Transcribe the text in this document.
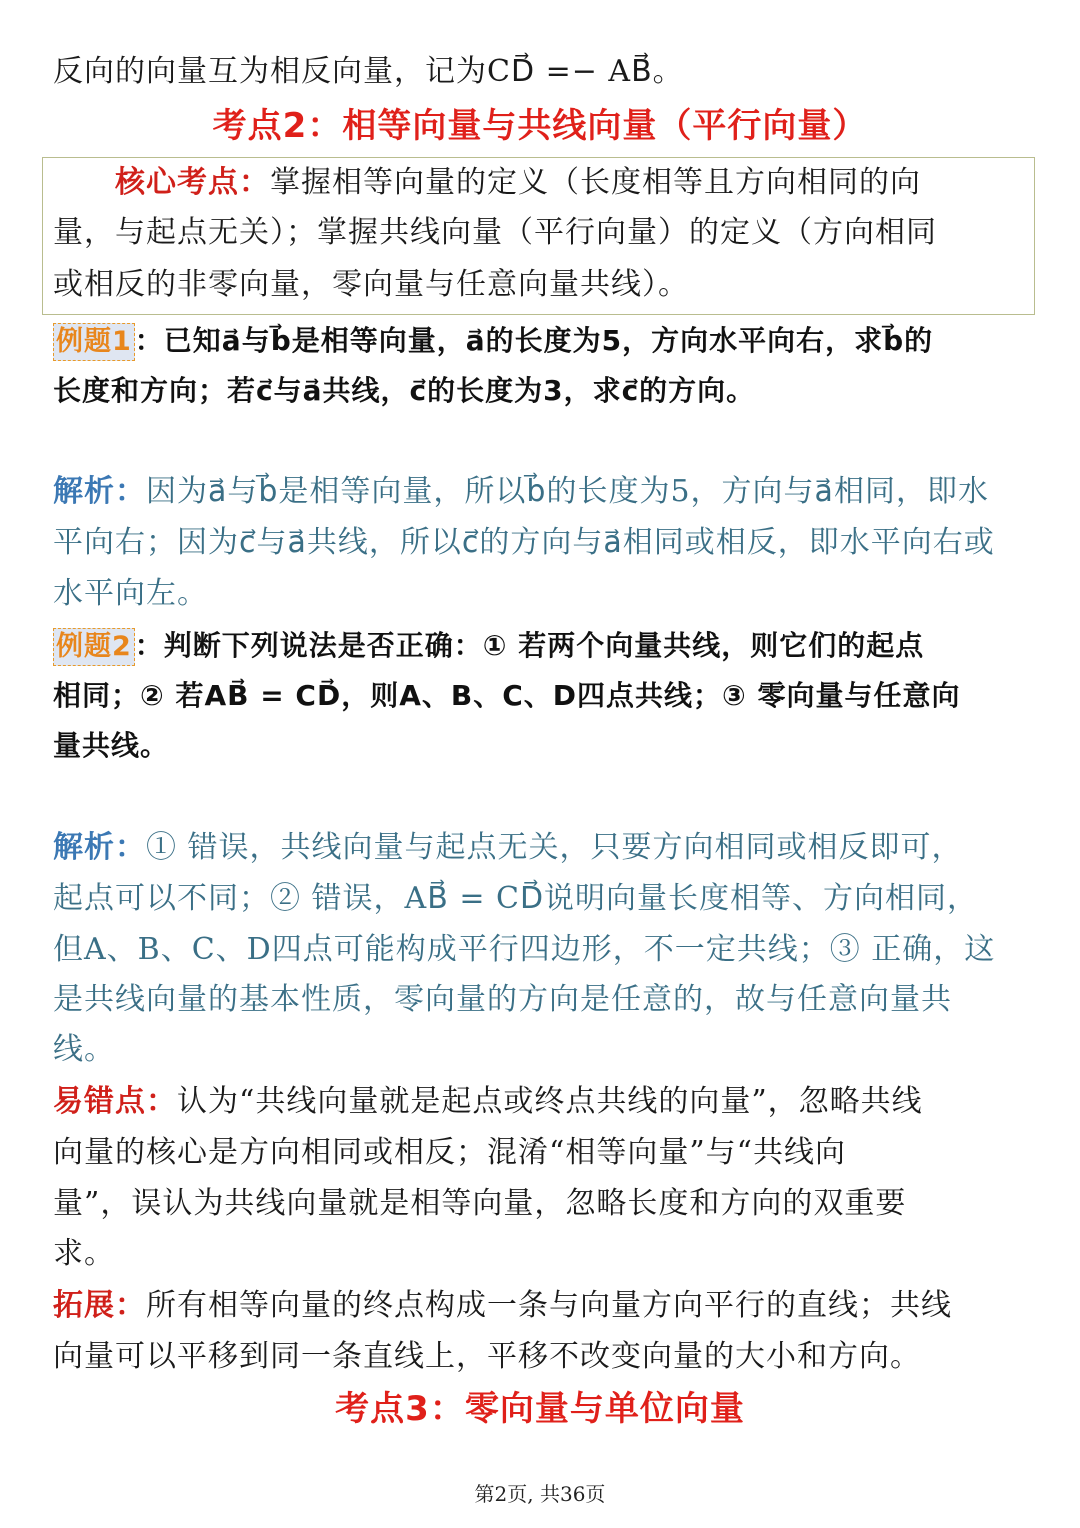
反向的向量互为相反向量，记为CD⃗ =− AB⃗。
考点2：相等向量与共线向量（平行向量）
核心考点：掌握相等向量的定义（长度相等且方向相同的向
量，与起点无关）；掌握共线向量（平行向量）的定义（方向相同
或相反的非零向量，零向量与任意向量共线）。
例题1 ：已知a⃗与b⃗是相等向量，a⃗的长度为5，方向水平向右，求b⃗的
长度和方向；若c⃗与a⃗共线，c⃗的长度为3，求c⃗的方向。
解析：因为a⃗与b⃗是相等向量，所以b⃗的长度为5，方向与a⃗相同，即水
平向右；因为c⃗与a⃗共线，所以c⃗的方向与a⃗相同或相反，即水平向右或
水平向左。
例题2 ：判断下列说法是否正确：① 若两个向量共线，则它们的起点
相同；② 若AB⃗ = CD⃗，则A、B、C、D四点共线；③ 零向量与任意向
量共线。
解析：① 错误，共线向量与起点无关，只要方向相同或相反即可，
起点可以不同；② 错误，AB⃗ = CD⃗说明向量长度相等、方向相同，
但A、B、C、D四点可能构成平行四边形，不一定共线；③ 正确，这
是共线向量的基本性质，零向量的方向是任意的，故与任意向量共
线。
易错点：认为“共线向量就是起点或终点共线的向量”，忽略共线
向量的核心是方向相同或相反；混淆“相等向量”与“共线向
量”，误认为共线向量就是相等向量，忽略长度和方向的双重要
求。
拓展：所有相等向量的终点构成一条与向量方向平行的直线；共线
向量可以平移到同一条直线上，平移不改变向量的大小和方向。
考点3：零向量与单位向量
第2页, 共36页
